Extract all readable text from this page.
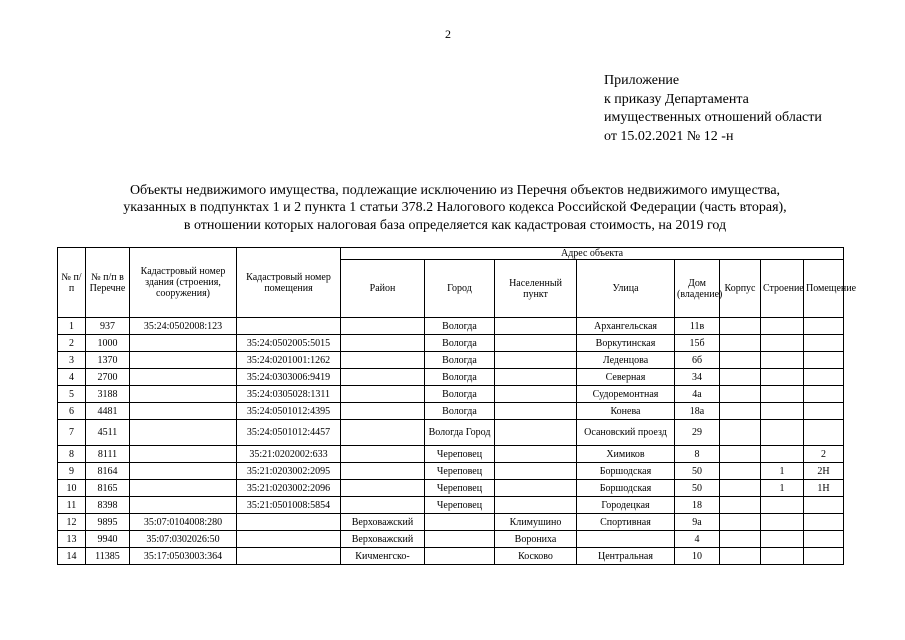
2
Приложение
к приказу Департамента
имущественных отношений области
от 15.02.2021 № 12 -н
Объекты недвижимого имущества, подлежащие исключению из Перечня объектов недвижимого имущества,
указанных в подпунктах 1 и 2 пункта 1 статьи 378.2 Налогового кодекса Российской Федерации (часть вторая),
в отношении которых налоговая база определяется как кадастровая стоимость, на 2019 год
№ п/п	№ п/п в Перечне	Кадастровый номер здания (строения, сооружения)	Кадастровый номер помещения	Адрес объекта							
				Район	Город	Населенный пункт	Улица	Дом (владение)	Корпус	Строение	Помещение
1	937	35:24:0502008:123			Вологда		Архангельская	11в			
2	1000		35:24:0502005:5015		Вологда		Воркутинская	15б			
3	1370		35:24:0201001:1262		Вологда		Леденцова	6б			
4	2700		35:24:0303006:9419		Вологда		Северная	34			
5	3188		35:24:0305028:1311		Вологда		Судоремонтная	4а			
6	4481		35:24:0501012:4395		Вологда		Конева	18а			
7	4511		35:24:0501012:4457		Вологда Город		Осановский проезд	29			
8	8111		35:21:0202002:633		Череповец		Химиков	8			2
9	8164		35:21:0203002:2095		Череповец		Боршодская	50		1	2Н
10	8165		35:21:0203002:2096		Череповец		Боршодская	50		1	1Н
11	8398		35:21:0501008:5854		Череповец		Городецкая	18			
12	9895	35:07:0104008:280		Верховажский		Климушино	Спортивная	9а			
13	9940	35:07:0302026:50		Верховажский		Ворониха		4			
14	11385	35:17:0503003:364		Кичменгско-		Косково	Центральная	10			
